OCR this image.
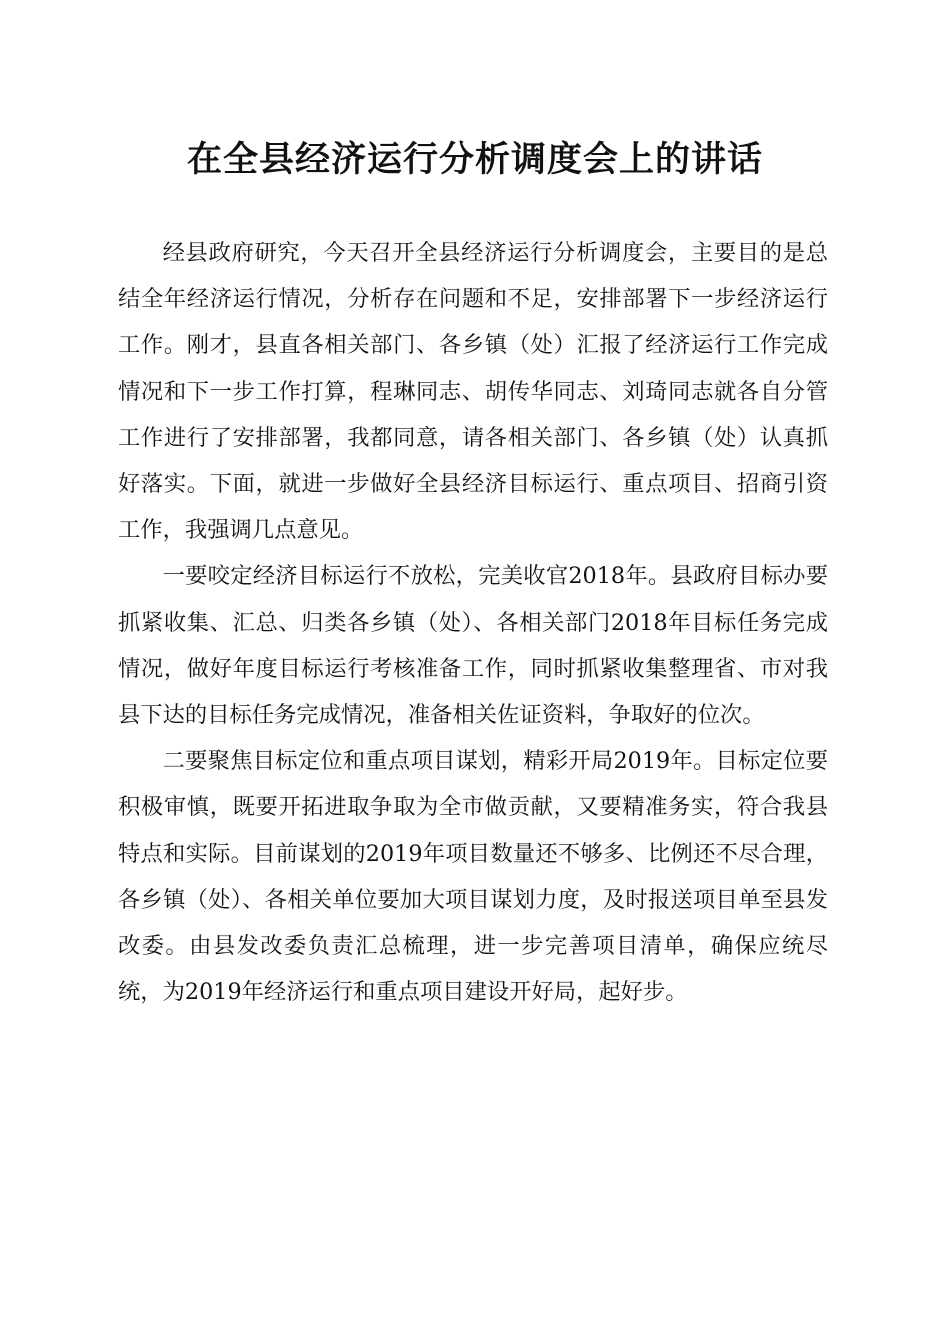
在全县经济运行分析调度会上的讲话

经县政府研究，今天召开全县经济运行分析调度会，主要目的是总结全年经济运行情况，分析存在问题和不足，安排部署下一步经济运行工作。刚才，县直各相关部门、各乡镇（处）汇报了经济运行工作完成情况和下一步工作打算，程琳同志、胡传华同志、刘琦同志就各自分管工作进行了安排部署，我都同意，请各相关部门、各乡镇（处）认真抓好落实。下面，就进一步做好全县经济目标运行、重点项目、招商引资工作，我强调几点意见。

一要咬定经济目标运行不放松，完美收官2018年。县政府目标办要抓紧收集、汇总、归类各乡镇（处）、各相关部门2018年目标任务完成情况，做好年度目标运行考核准备工作，同时抓紧收集整理省、市对我县下达的目标任务完成情况，准备相关佐证资料，争取好的位次。

二要聚焦目标定位和重点项目谋划，精彩开局2019年。目标定位要积极审慎，既要开拓进取争取为全市做贡献，又要精准务实，符合我县特点和实际。目前谋划的2019年项目数量还不够多、比例还不尽合理，各乡镇（处）、各相关单位要加大项目谋划力度，及时报送项目单至县发改委。由县发改委负责汇总梳理，进一步完善项目清单，确保应统尽统，为2019年经济运行和重点项目建设开好局，起好步。
